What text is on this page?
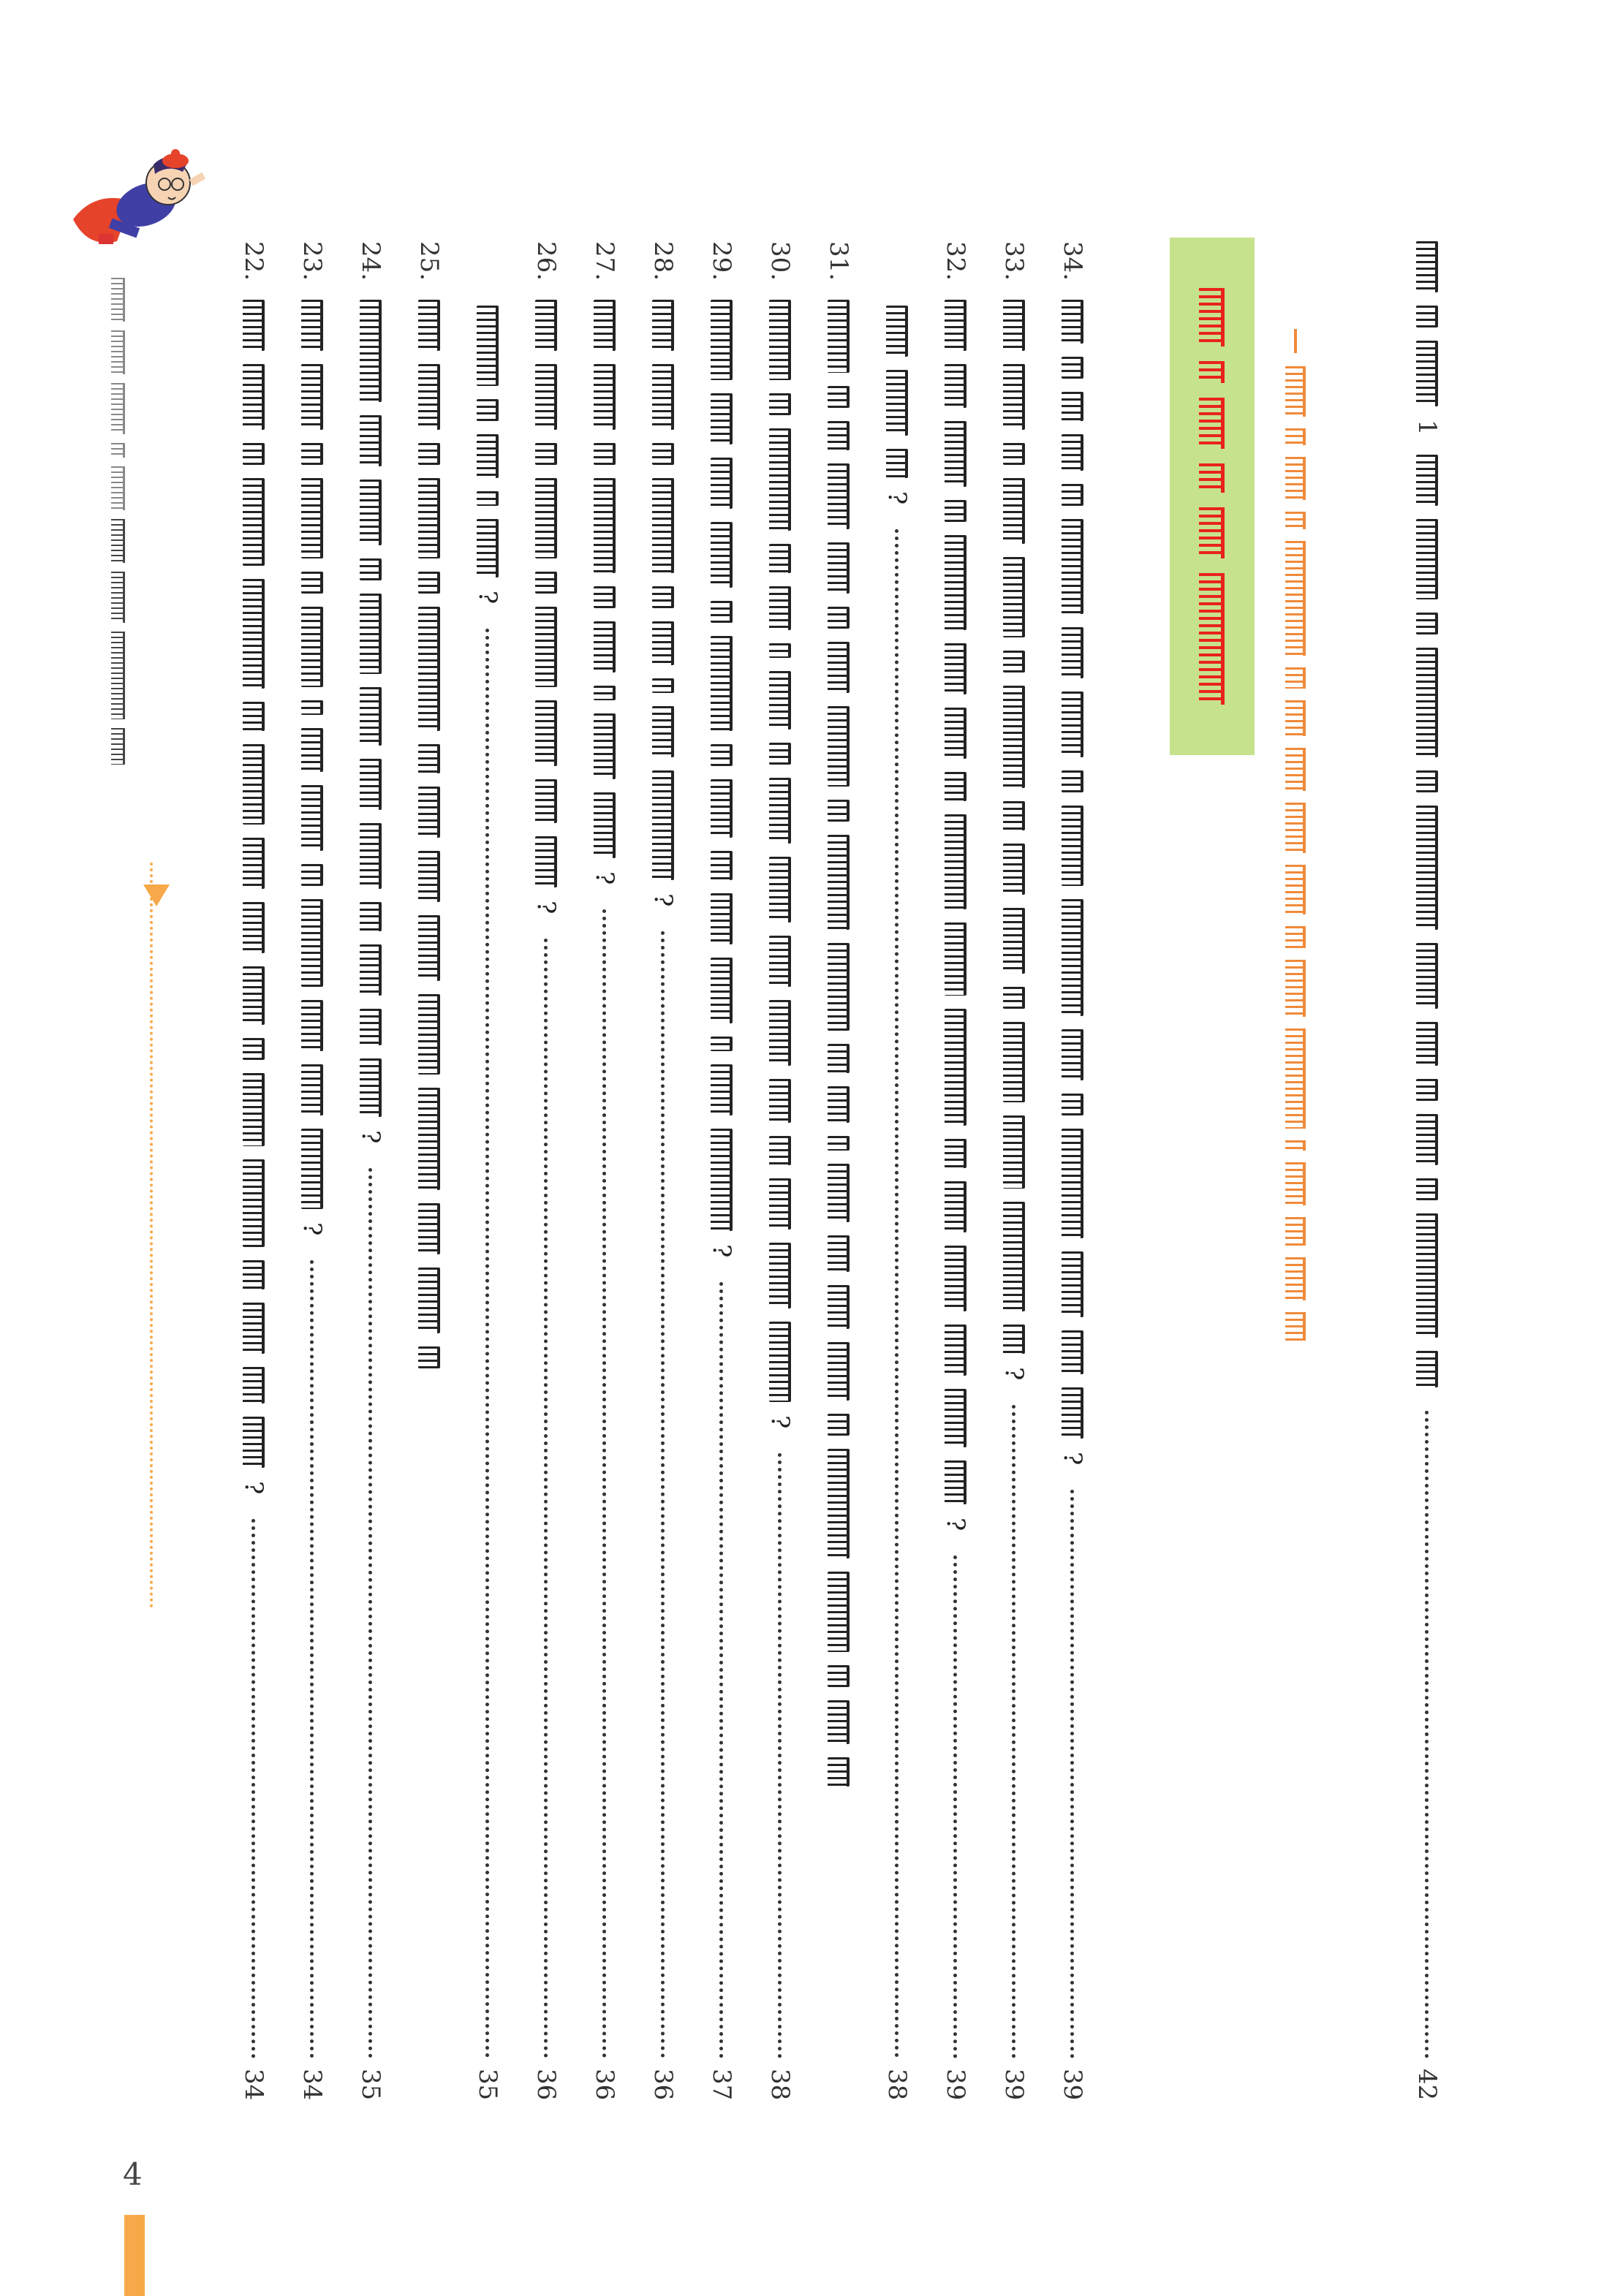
1
42
34.
?
39
33.
?
39
32.
?
39
?
38
31.
30.
?
38
29.
?
37
28.
?
36
27.
?
36
26.
?
36
?
35
25.
24.
?
35
23.
?
34
22.
?
34
4
